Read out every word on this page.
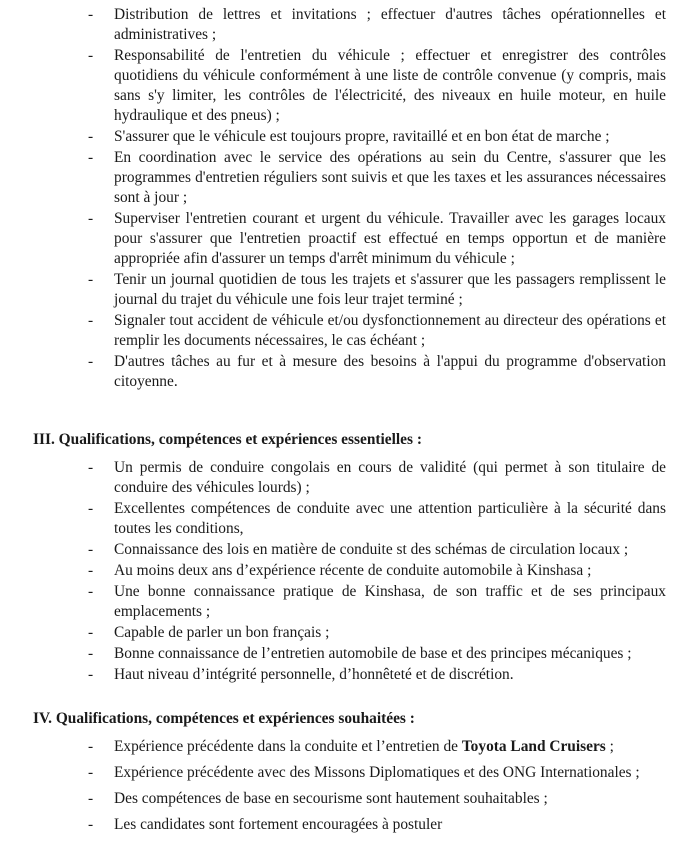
- Distribution de lettres et invitations ; effectuer d'autres tâches opérationnelles et administratives ;
- Responsabilité de l'entretien du véhicule ; effectuer et enregistrer des contrôles quotidiens du véhicule conformément à une liste de contrôle convenue (y compris, mais sans s'y limiter, les contrôles de l'électricité, des niveaux en huile moteur, en huile hydraulique et des pneus) ;
- S'assurer que le véhicule est toujours propre, ravitaillé et en bon état de marche ;
- En coordination avec le service des opérations au sein du Centre, s'assurer que les programmes d'entretien réguliers sont suivis et que les taxes et les assurances nécessaires sont à jour ;
- Superviser l'entretien courant et urgent du véhicule. Travailler avec les garages locaux pour s'assurer que l'entretien proactif est effectué en temps opportun et de manière appropriée afin d'assurer un temps d'arrêt minimum du véhicule ;
- Tenir un journal quotidien de tous les trajets et s'assurer que les passagers remplissent le journal du trajet du véhicule une fois leur trajet terminé ;
- Signaler tout accident de véhicule et/ou dysfonctionnement au directeur des opérations et remplir les documents nécessaires, le cas échéant ;
- D'autres tâches au fur et à mesure des besoins à l'appui du programme d'observation citoyenne.
III. Qualifications, compétences et expériences essentielles :
- Un permis de conduire congolais en cours de validité (qui permet à son titulaire de conduire des véhicules lourds) ;
- Excellentes compétences de conduite avec une attention particulière à la sécurité dans toutes les conditions,
- Connaissance des lois en matière de conduite st des schémas de circulation locaux ;
- Au moins deux ans d’expérience récente de conduite automobile à Kinshasa ;
- Une bonne connaissance pratique de Kinshasa, de son traffic et de ses principaux emplacements ;
- Capable de parler un bon français ;
- Bonne connaissance de l’entretien automobile de base et des principes mécaniques ;
- Haut niveau d’intégrité personnelle, d’honnêteté et de discrétion.
IV. Qualifications, compétences et expériences souhaitées :
- Expérience précédente dans la conduite et l’entretien de Toyota Land Cruisers ;
- Expérience précédente avec des Missons Diplomatiques et des ONG Internationales ;
- Des compétences de base en secourisme sont hautement souhaitables ;
- Les candidates sont fortement encouragées à postuler
